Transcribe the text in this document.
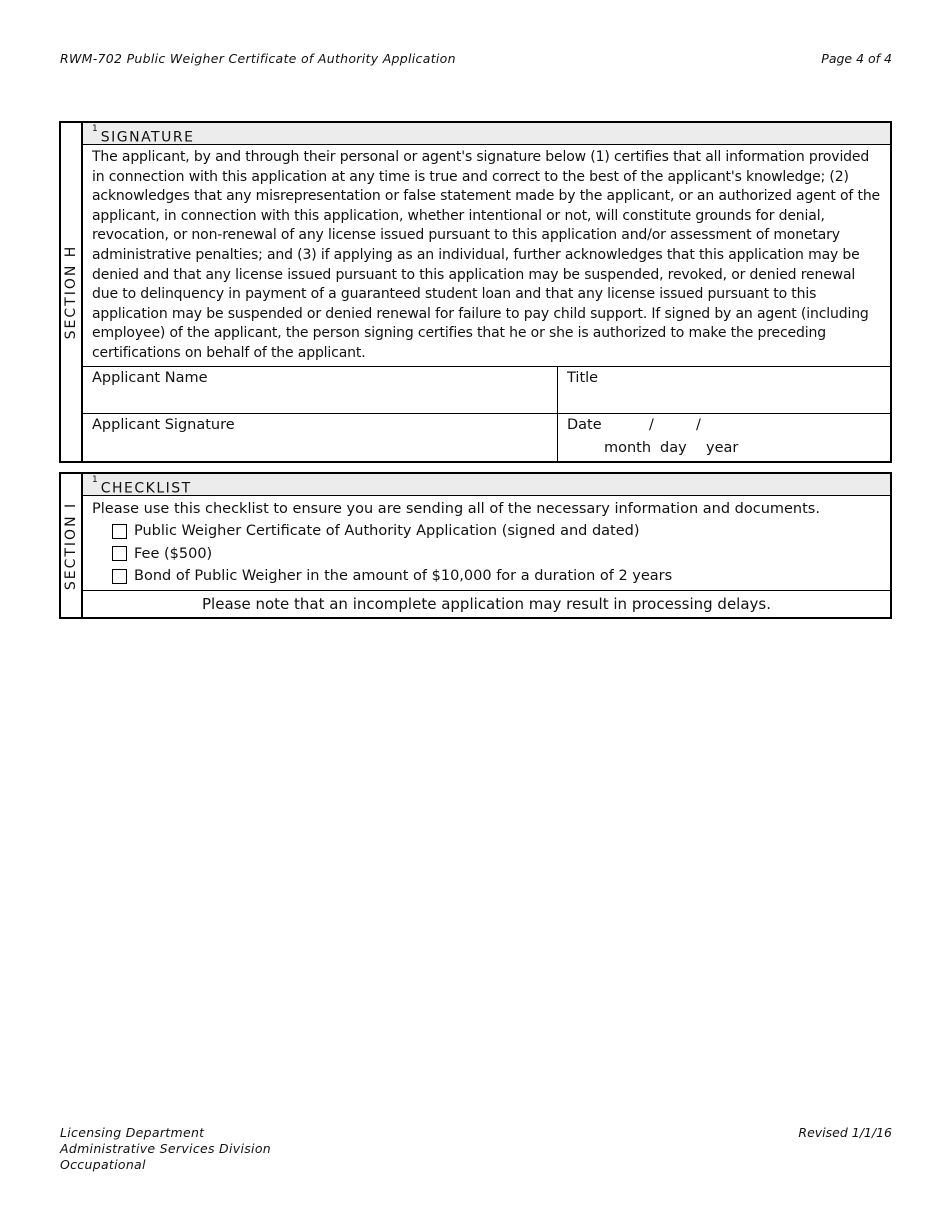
RWM-702 Public Weigher Certificate of Authority Application	Page 4 of 4
SECTION H
$^1$SIGNATURE
The applicant, by and through their personal or agent's signature below (1) certifies that all information provided in connection with this application at any time is true and correct to the best of the applicant's knowledge; (2) acknowledges that any misrepresentation or false statement made by the applicant, or an authorized agent of the applicant, in connection with this application, whether intentional or not, will constitute grounds for denial, revocation, or non-renewal of any license issued pursuant to this application and/or assessment of monetary administrative penalties; and (3) if applying as an individual, further acknowledges that this application may be denied and that any license issued pursuant to this application may be suspended, revoked, or denied renewal due to delinquency in payment of a guaranteed student loan and that any license issued pursuant to this application may be suspended or denied renewal for failure to pay child support. If signed by an agent (including employee) of the applicant, the person signing certifies that he or she is authorized to make the preceding certifications on behalf of the applicant.
Applicant Name	Title
Applicant Signature	Date	/	/
month day year
SECTION I
$^1$CHECKLIST
Please use this checklist to ensure you are sending all of the necessary information and documents.
Public Weigher Certificate of Authority Application (signed and dated)
Fee ($500)
Bond of Public Weigher in the amount of $10,000 for a duration of 2 years
Please note that an incomplete application may result in processing delays.
Licensing Department
Administrative Services Division
Occupational
Revised 1/1/16
